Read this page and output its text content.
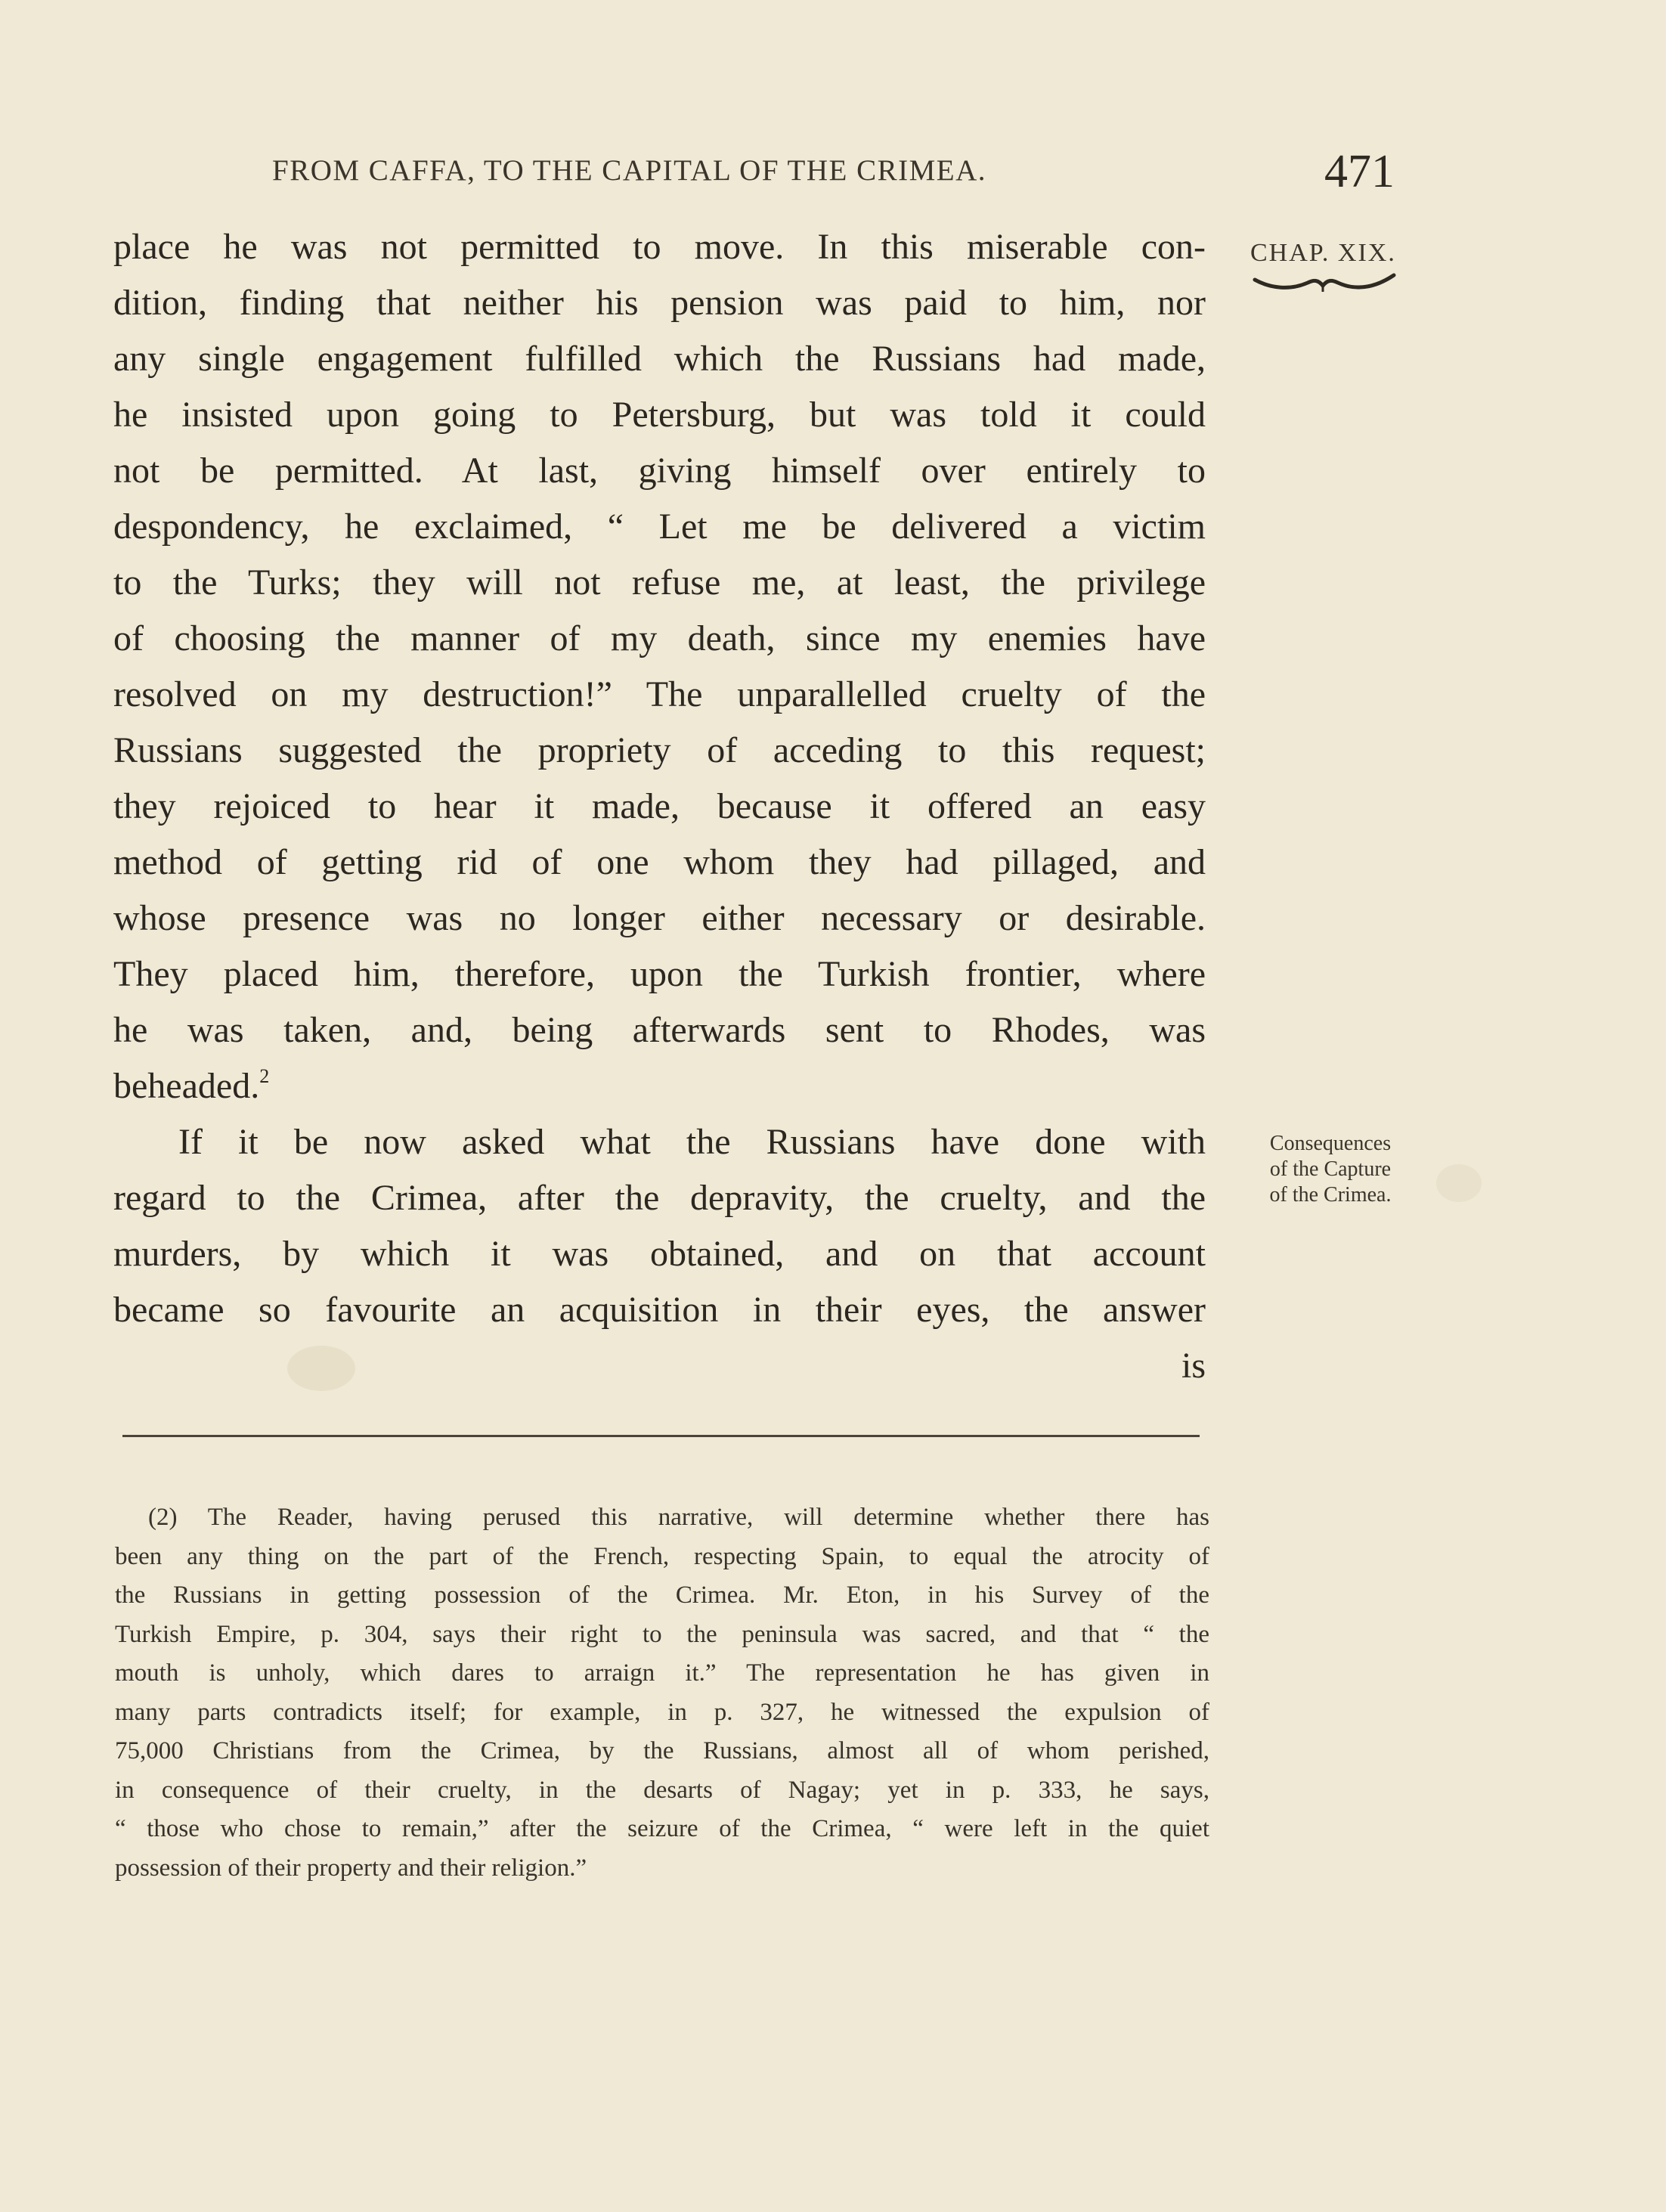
FROM CAFFA, TO THE CAPITAL OF THE CRIMEA.	471
CHAP. XIX.
place he was not permitted to move. In this miserable con-
dition, finding that neither his pension was paid to him, nor
any single engagement fulfilled which the Russians had made,
he insisted upon going to Petersburg, but was told it could
not be permitted. At last, giving himself over entirely to
despondency, he exclaimed, “ Let me be delivered a victim
to the Turks; they will not refuse me, at least, the privilege
of choosing the manner of my death, since my enemies have
resolved on my destruction!” The unparallelled cruelty of the
Russians suggested the propriety of acceding to this request;
they rejoiced to hear it made, because it offered an easy
method of getting rid of one whom they had pillaged, and
whose presence was no longer either necessary or desirable.
They placed him, therefore, upon the Turkish frontier, where
he was taken, and, being afterwards sent to Rhodes, was
beheaded.$^2$
If it be now asked what the Russians have done with
regard to the Crimea, after the depravity, the cruelty, and the
murders, by which it was obtained, and on that account
became so favourite an acquisition in their eyes, the answer
is
Consequences
of the Capture
of the Crimea.
(2) The Reader, having perused this narrative, will determine whether there has
been any thing on the part of the French, respecting Spain, to equal the atrocity of
the Russians in getting possession of the Crimea. Mr. Eton, in his Survey of the
Turkish Empire, p. 304, says their right to the peninsula was sacred, and that “ the
mouth is unholy, which dares to arraign it.” The representation he has given in
many parts contradicts itself; for example, in p. 327, he witnessed the expulsion of
75,000 Christians from the Crimea, by the Russians, almost all of whom perished,
in consequence of their cruelty, in the desarts of Nagay; yet in p. 333, he says,
“ those who chose to remain,” after the seizure of the Crimea, “ were left in the quiet
possession of their property and their religion.”
